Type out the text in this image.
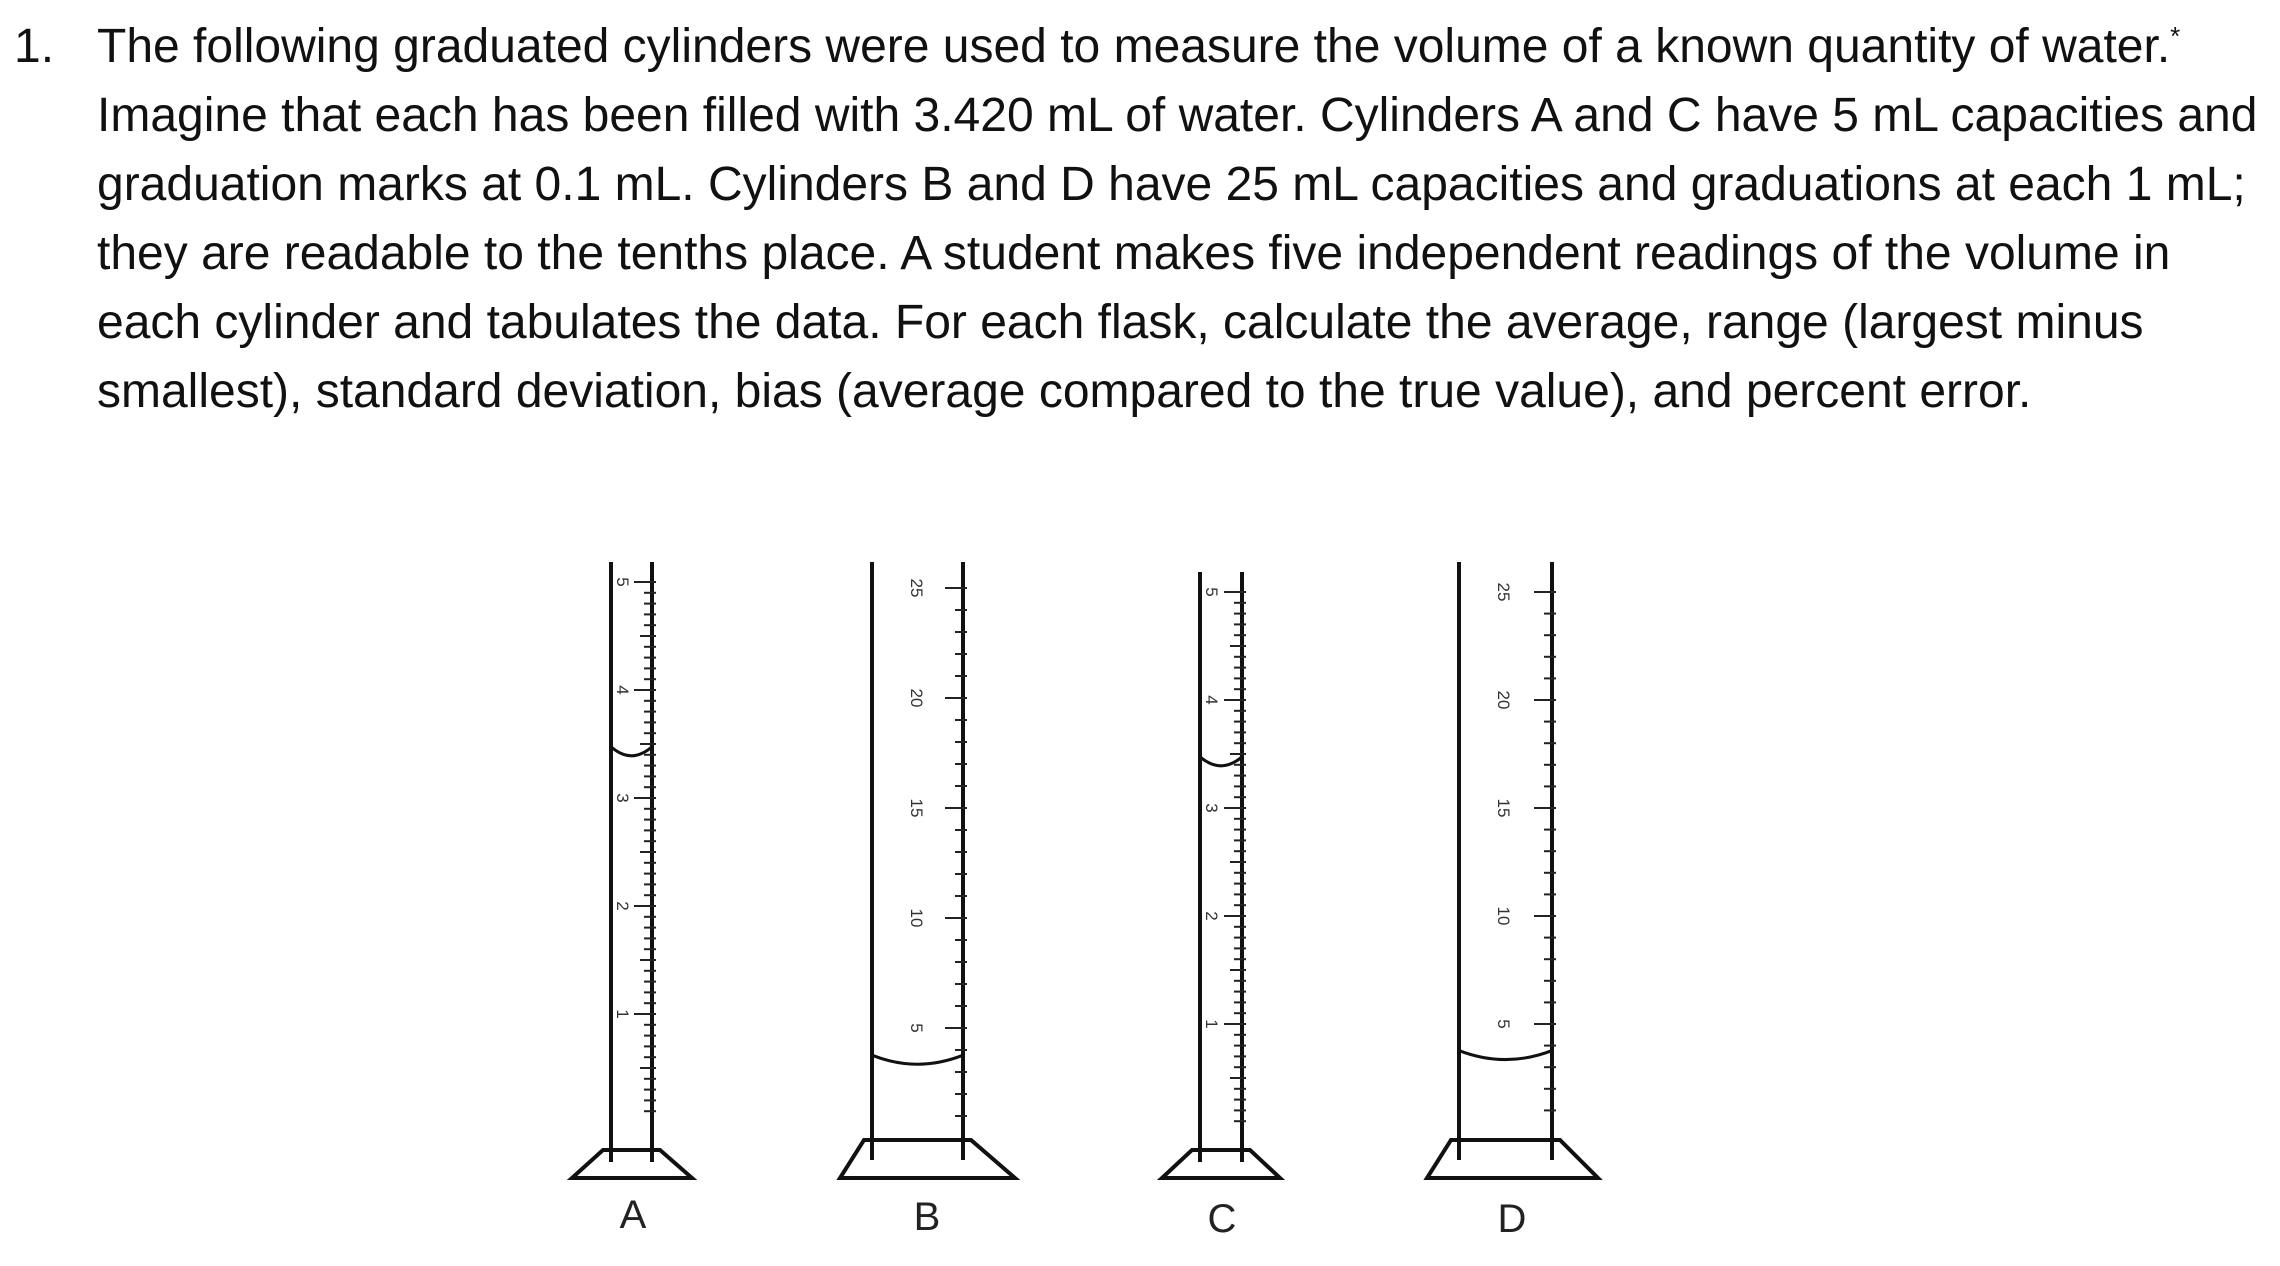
1. The following graduated cylinders were used to measure the volume of a known quantity of water.* Imagine that each has been filled with 3.420 mL of water. Cylinders A and C have 5 mL capacities and graduation marks at 0.1 mL. Cylinders B and D have 25 mL capacities and graduations at each 1 mL; they are readable to the tenths place. A student makes five independent readings of the volume in each cylinder and tabulates the data. For each flask, calculate the average, range (largest minus smallest), standard deviation, bias (average compared to the true value), and percent error.
5
4
3
2
1
A
25
20
15
10
5
B
5
4
3
2
1
C
25
20
15
10
5
D
